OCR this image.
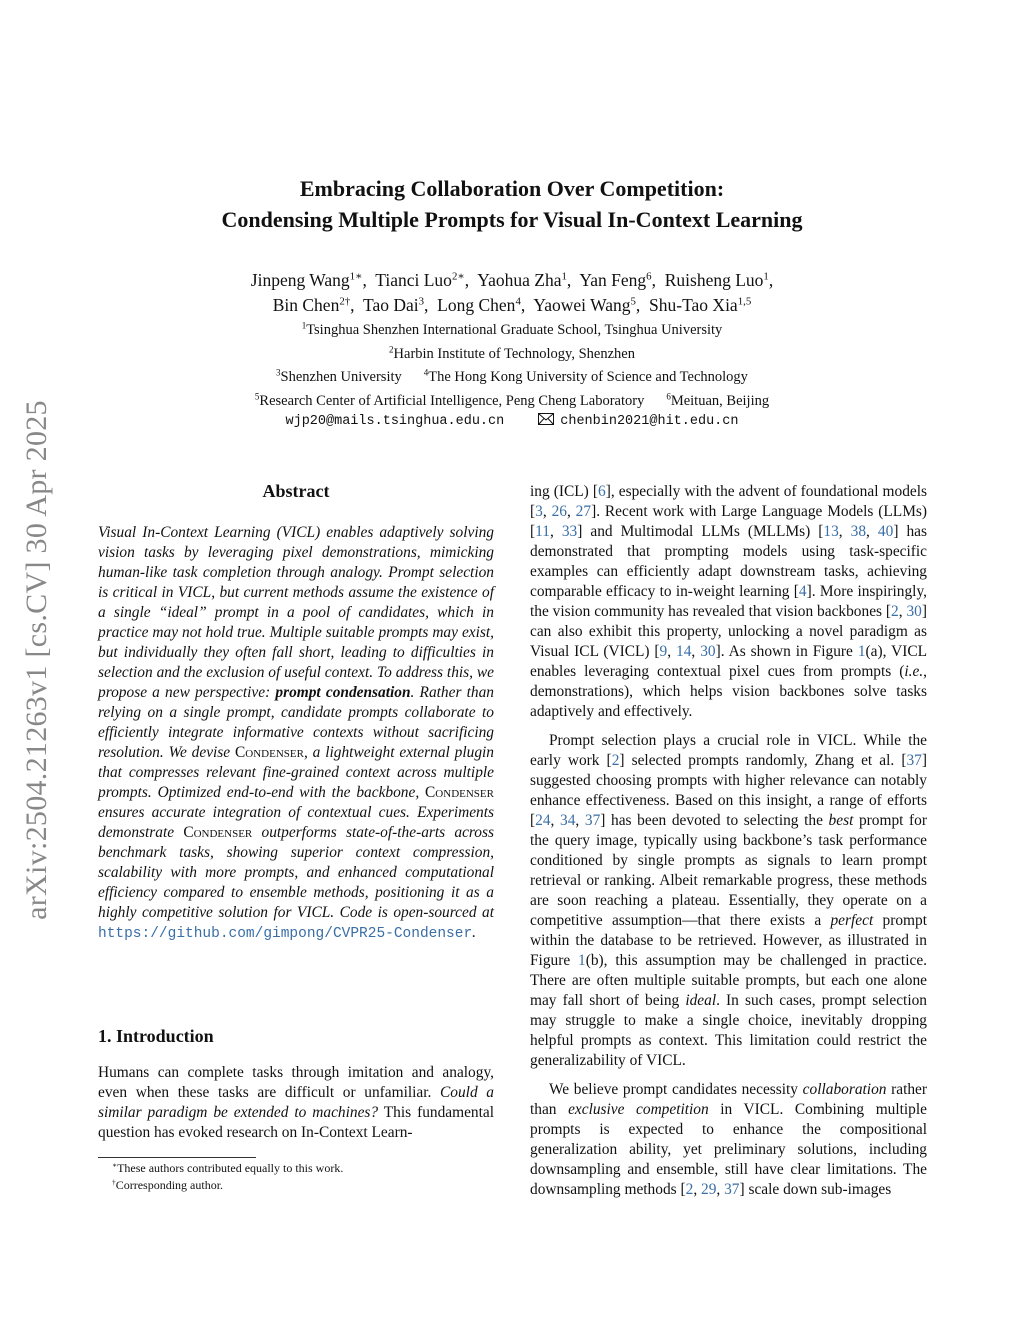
arXiv:2504.21263v1 [cs.CV] 30 Apr 2025
Embracing Collaboration Over Competition:
Condensing Multiple Prompts for Visual In-Context Learning
Jinpeng Wang$^{1∗}$,  Tianci Luo$^{2∗}$,  Yaohua Zha$^1$,  Yan Feng$^6$,  Ruisheng Luo$^1$,
Bin Chen$^{2\dagger}$,  Tao Dai$^3$,  Long Chen$^4$,  Yaowei Wang$^5$,  Shu-Tao Xia$^{1,5}$
$^1$Tsinghua Shenzhen International Graduate School, Tsinghua University
$^2$Harbin Institute of Technology, Shenzhen
$^3$Shenzhen University $^4$The Hong Kong University of Science and Technology
$^5$Research Center of Artificial Intelligence, Peng Cheng Laboratory $^6$Meituan, Beijing
wjp20@mails.tsinghua.edu.cn	chenbin2021@hit.edu.cn
Abstract
Visual In-Context Learning (VICL) enables adaptively solving vision tasks by leveraging pixel demonstrations, mimicking human-like task completion through analogy. Prompt selection is critical in VICL, but current methods assume the existence of a single “ideal” prompt in a pool of candidates, which in practice may not hold true. Multiple suitable prompts may exist, but individually they often fall short, leading to difficulties in selection and the exclusion of useful context. To address this, we propose a new perspective: prompt condensation. Rather than relying on a single prompt, candidate prompts collaborate to efficiently integrate informative contexts without sacrificing resolution. We devise Condenser, a lightweight external plugin that compresses relevant fine-grained context across multiple prompts. Optimized end-to-end with the backbone, Condenser ensures accurate integration of contextual cues. Experiments demonstrate Condenser outperforms state-of-the-arts across benchmark tasks, showing superior context compression, scalability with more prompts, and enhanced computational efficiency compared to ensemble methods, positioning it as a highly competitive solution for VICL. Code is open-sourced at https://github.com/gimpong/CVPR25-Condenser.
1. Introduction

Humans can complete tasks through imitation and analogy, even when these tasks are difficult or unfamiliar. Could a similar paradigm be extended to machines? This fundamental question has evoked research on In-Context Learn-

ing (ICL) [6], especially with the advent of foundational models [3, 26, 27]. Recent work with Large Language Models (LLMs) [11, 33] and Multimodal LLMs (MLLMs) [13, 38, 40] has demonstrated that prompting models using task-specific examples can efficiently adapt downstream tasks, achieving comparable efficacy to in-weight learning [4]. More inspiringly, the vision community has revealed that vision backbones [2, 30] can also exhibit this property, unlocking a novel paradigm as Visual ICL (VICL) [9, 14, 30]. As shown in Figure 1(a), VICL enables leveraging contextual pixel cues from prompts (i.e., demonstrations), which helps vision backbones solve tasks adaptively and effectively.

Prompt selection plays a crucial role in VICL. While the early work [2] selected prompts randomly, Zhang et al. [37] suggested choosing prompts with higher relevance can notably enhance effectiveness. Based on this insight, a range of efforts [24, 34, 37] has been devoted to selecting the best prompt for the query image, typically using backbone’s task performance conditioned by single prompts as signals to learn prompt retrieval or ranking. Albeit remarkable progress, these methods are soon reaching a plateau. Essentially, they operate on a competitive assumption—that there exists a perfect prompt within the database to be retrieved. However, as illustrated in Figure 1(b), this assumption may be challenged in practice. There are often multiple suitable prompts, but each one alone may fall short of being ideal. In such cases, prompt selection may struggle to make a single choice, inevitably dropping helpful prompts as context. This limitation could restrict the generalizability of VICL.

We believe prompt candidates necessity collaboration rather than exclusive competition in VICL. Combining multiple prompts is expected to enhance the compositional generalization ability, yet preliminary solutions, including downsampling and ensemble, still have clear limitations. The downsampling methods [2, 29, 37] scale down sub-images

∗These authors contributed equally to this work.
†Corresponding author.
